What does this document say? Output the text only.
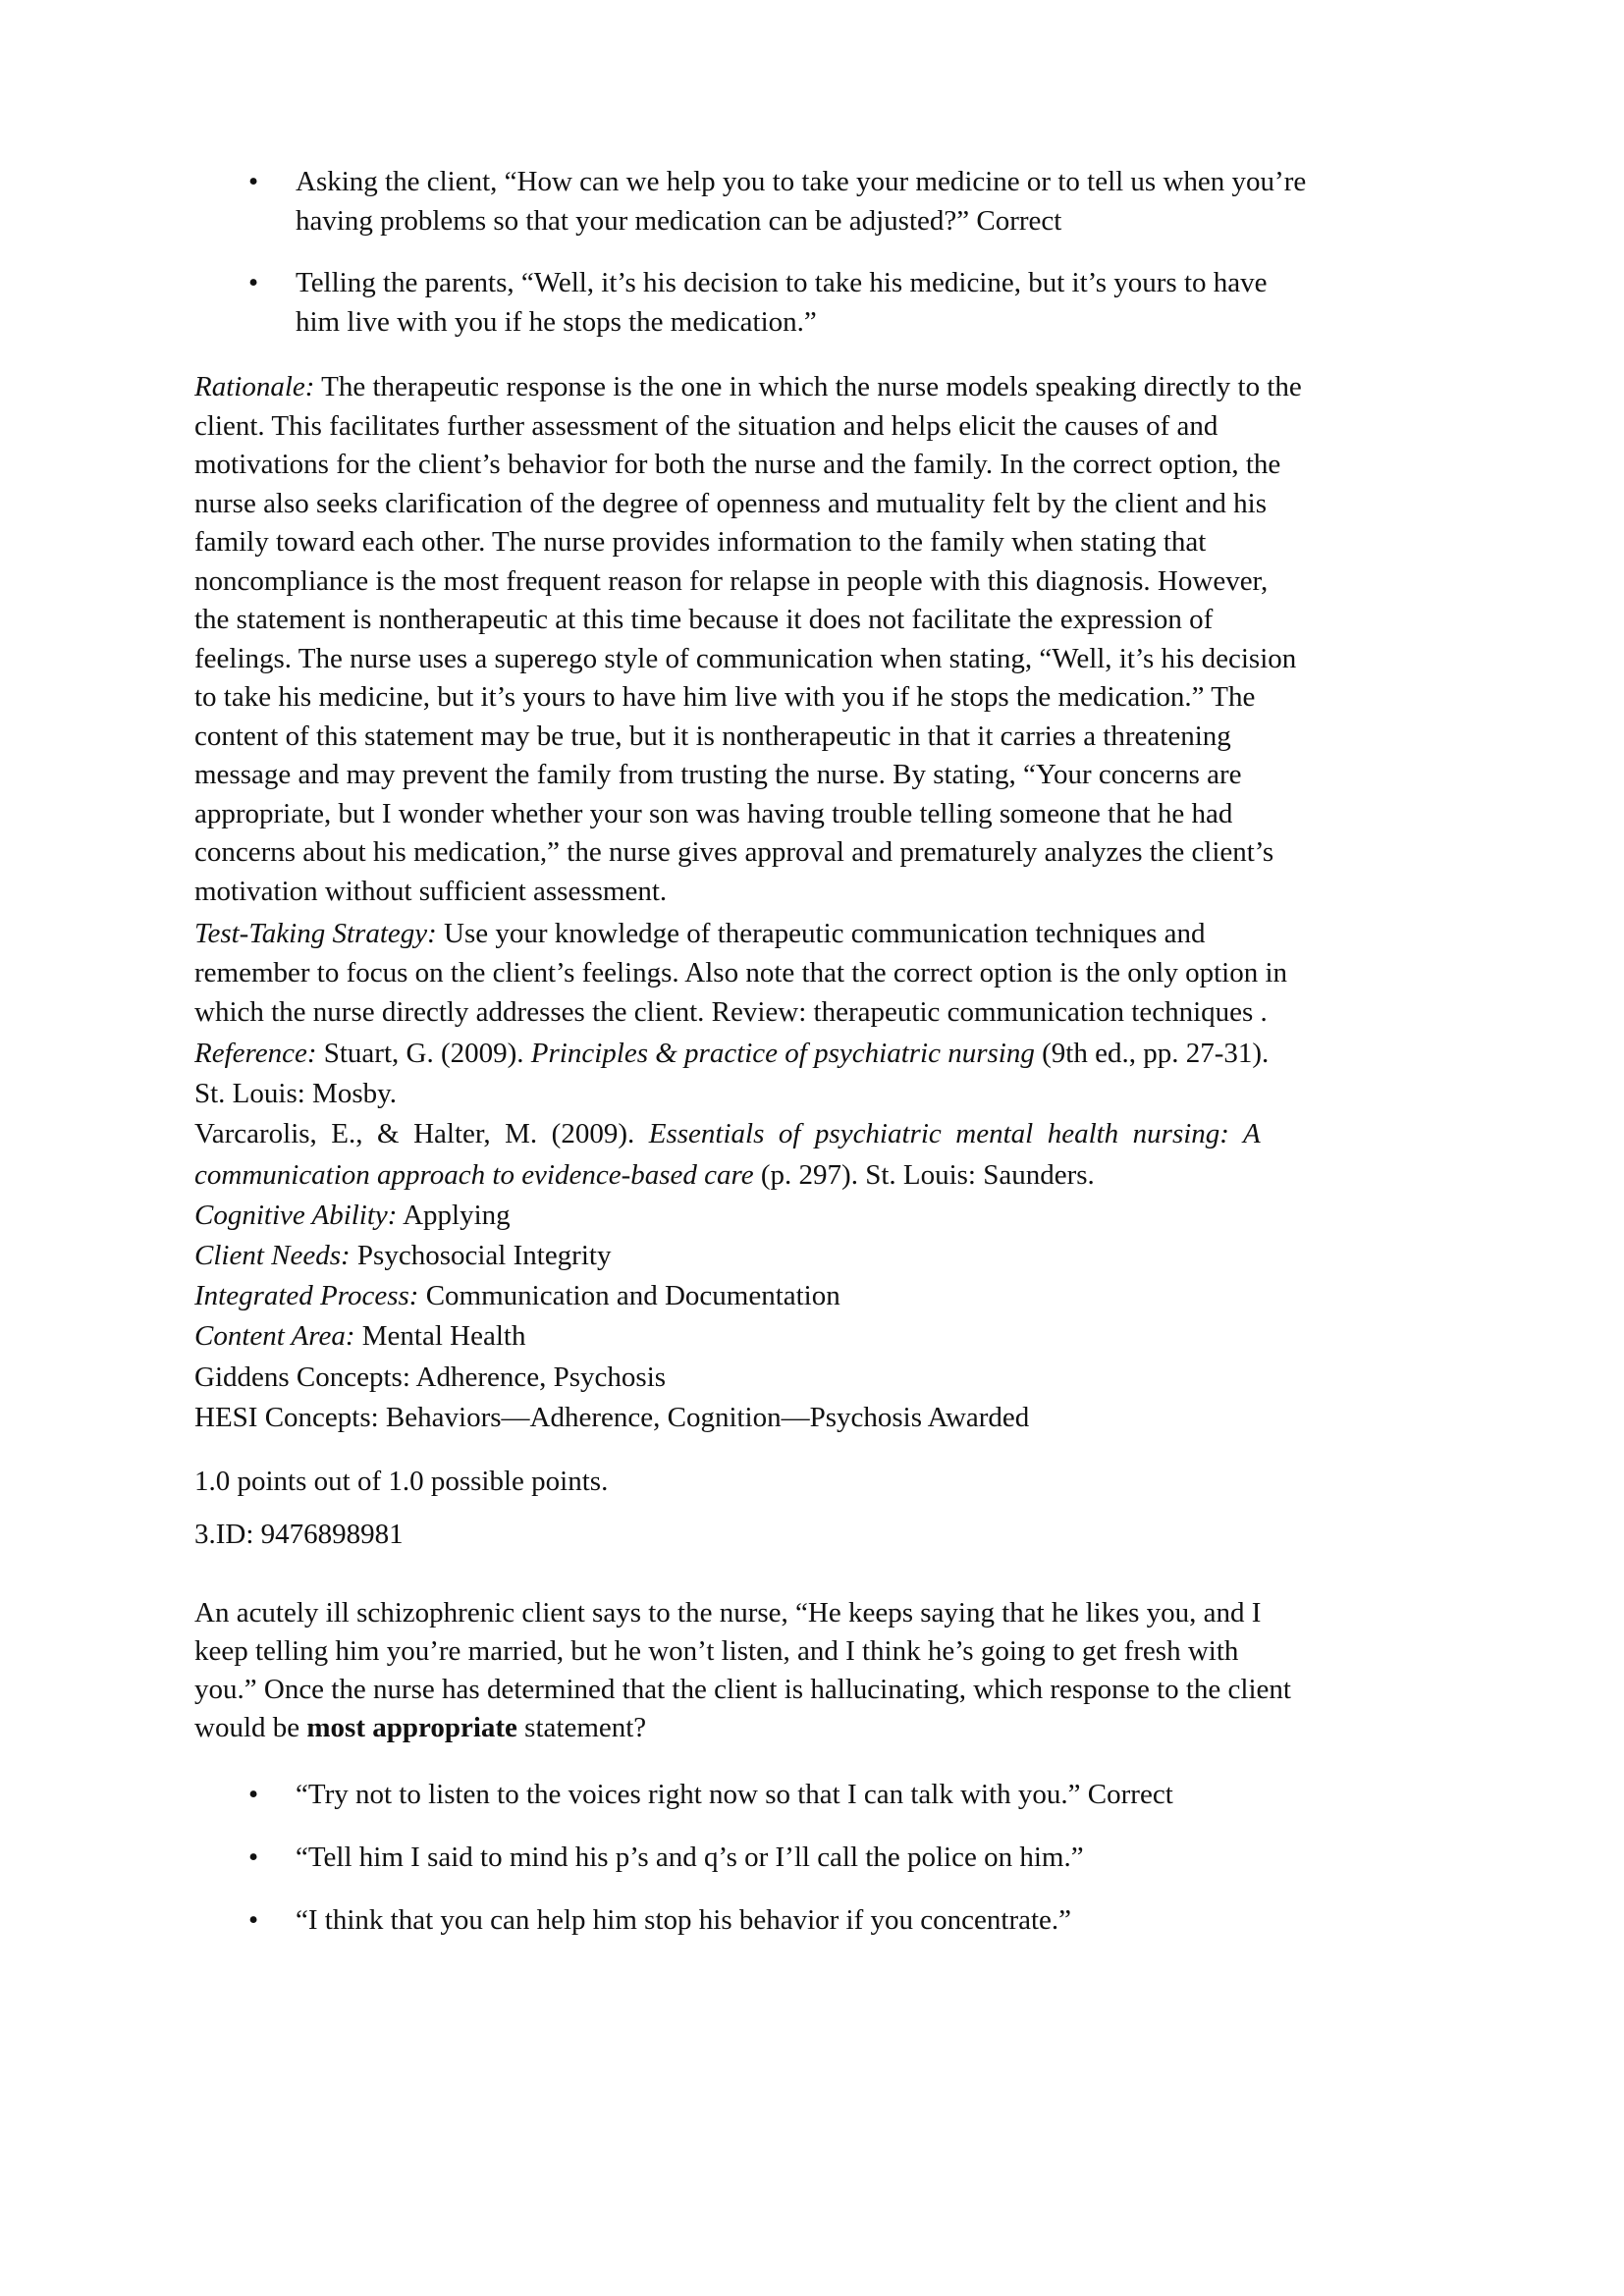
• Asking the client, “How can we help you to take your medicine or to tell us when you’re
having problems so that your medication can be adjusted?” Correct
• Telling the parents, “Well, it’s his decision to take his medicine, but it’s yours to have
him live with you if he stops the medication.”
Rationale: The therapeutic response is the one in which the nurse models speaking directly to the
client. This facilitates further assessment of the situation and helps elicit the causes of and
motivations for the client’s behavior for both the nurse and the family. In the correct option, the
nurse also seeks clarification of the degree of openness and mutuality felt by the client and his
family toward each other. The nurse provides information to the family when stating that
noncompliance is the most frequent reason for relapse in people with this diagnosis. However,
the statement is nontherapeutic at this time because it does not facilitate the expression of
feelings. The nurse uses a superego style of communication when stating, “Well, it’s his decision
to take his medicine, but it’s yours to have him live with you if he stops the medication.” The
content of this statement may be true, but it is nontherapeutic in that it carries a threatening
message and may prevent the family from trusting the nurse. By stating, “Your concerns are
appropriate, but I wonder whether your son was having trouble telling someone that he had
concerns about his medication,” the nurse gives approval and prematurely analyzes the client’s
motivation without sufficient assessment.
Test-Taking Strategy: Use your knowledge of therapeutic communication techniques and
remember to focus on the client’s feelings. Also note that the correct option is the only option in
which the nurse directly addresses the client. Review: therapeutic communication techniques .
Reference: Stuart, G. (2009). Principles & practice of psychiatric nursing (9th ed., pp. 27-31).
St. Louis: Mosby.
Varcarolis,  E.,  &  Halter,  M.  (2009).  Essentials  of  psychiatric  mental  health  nursing:  A
communication approach to evidence-based care (p. 297). St. Louis: Saunders.
Cognitive Ability: Applying
Client Needs: Psychosocial Integrity
Integrated Process: Communication and Documentation
Content Area: Mental Health
Giddens Concepts: Adherence, Psychosis
HESI Concepts: Behaviors—Adherence, Cognition—Psychosis Awarded
1.0 points out of 1.0 possible points.
3.ID: 9476898981
An acutely ill schizophrenic client says to the nurse, “He keeps saying that he likes you, and I
keep telling him you’re married, but he won’t listen, and I think he’s going to get fresh with
you.” Once the nurse has determined that the client is hallucinating, which response to the client
would be most appropriate statement?
• “Try not to listen to the voices right now so that I can talk with you.” Correct
• “Tell him I said to mind his p’s and q’s or I’ll call the police on him.”
• “I think that you can help him stop his behavior if you concentrate.”
